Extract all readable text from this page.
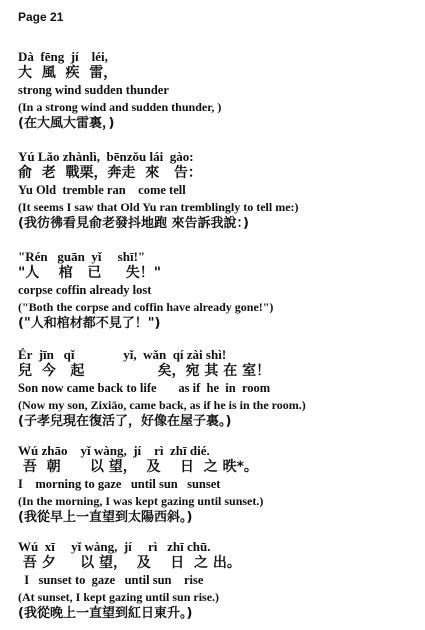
Page 21
Dà  fēng  jí    léi,
大  風  疾  雷，
strong wind sudden thunder
(In a strong wind and sudden thunder, )
(在大風大雷裏，)
Yú Lǎo zhànlì,  bēnzǒu lái  gào:
俞  老  戰栗，奔走  來   告：
Yu Old  tremble ran    come tell
(It seems I saw that Old Yu ran tremblingly to tell me:)
(我彷彿看見俞老發抖地跑 來告訴我說：)
"Rén   guān  yǐ     shī!"
"人    棺   已     失！"
corpse coffin already lost
("Both the corpse and coffin have already gone!")
("人和棺材都不見了！")
Ér  jīn   qǐ               yǐ,  wǎn  qí zài shì!
兒  今   起               矣，宛 其 在 室！
Son now came back to life       as if  he  in  room
(Now my son, Zixiāo, came back, as if he is in the room.)
(子孝兒現在復活了，好像在屋子裏。)
Wú zhāo    yǐ wàng,  jí    rì  zhī dié.
吾  朝      以 望，  及    日  之 昳*。
I    morning to gaze   until sun   sunset
(In the morning, I was kept gazing until sunset.)
(我從早上一直望到太陽西斜。)
Wú  xī     yǐ wàng,  jí     rì   zhī chū.
吾 夕     以 望，  及    日  之 出。
I   sunset to  gaze   until sun    rise
(At sunset, I kept gazing until sun rise.)
(我從晚上一直望到紅日東升。)
